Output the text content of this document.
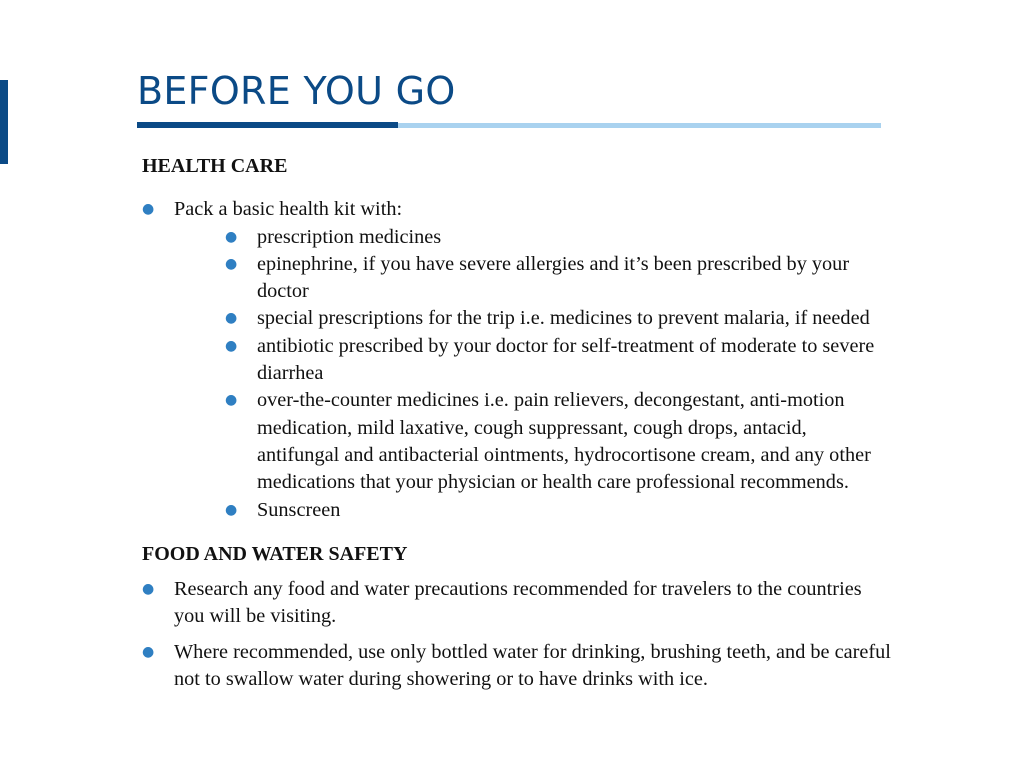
BEFORE YOU GO

HEALTH CARE

● Pack a basic health kit with:
● prescription medicines
● epinephrine, if you have severe allergies and it’s been prescribed by your doctor
● special prescriptions for the trip i.e. medicines to prevent malaria, if needed
● antibiotic prescribed by your doctor for self-treatment of moderate to severe diarrhea
● over-the-counter medicines i.e. pain relievers, decongestant, anti-motion medication, mild laxative, cough suppressant, cough drops, antacid, antifungal and antibacterial ointments, hydrocortisone cream, and any other medications that your physician or health care professional recommends.
● Sunscreen

FOOD AND WATER SAFETY

● Research any food and water precautions recommended for travelers to the countries you will be visiting.
● Where recommended, use only bottled water for drinking, brushing teeth, and be careful not to swallow water during showering or to have drinks with ice.
